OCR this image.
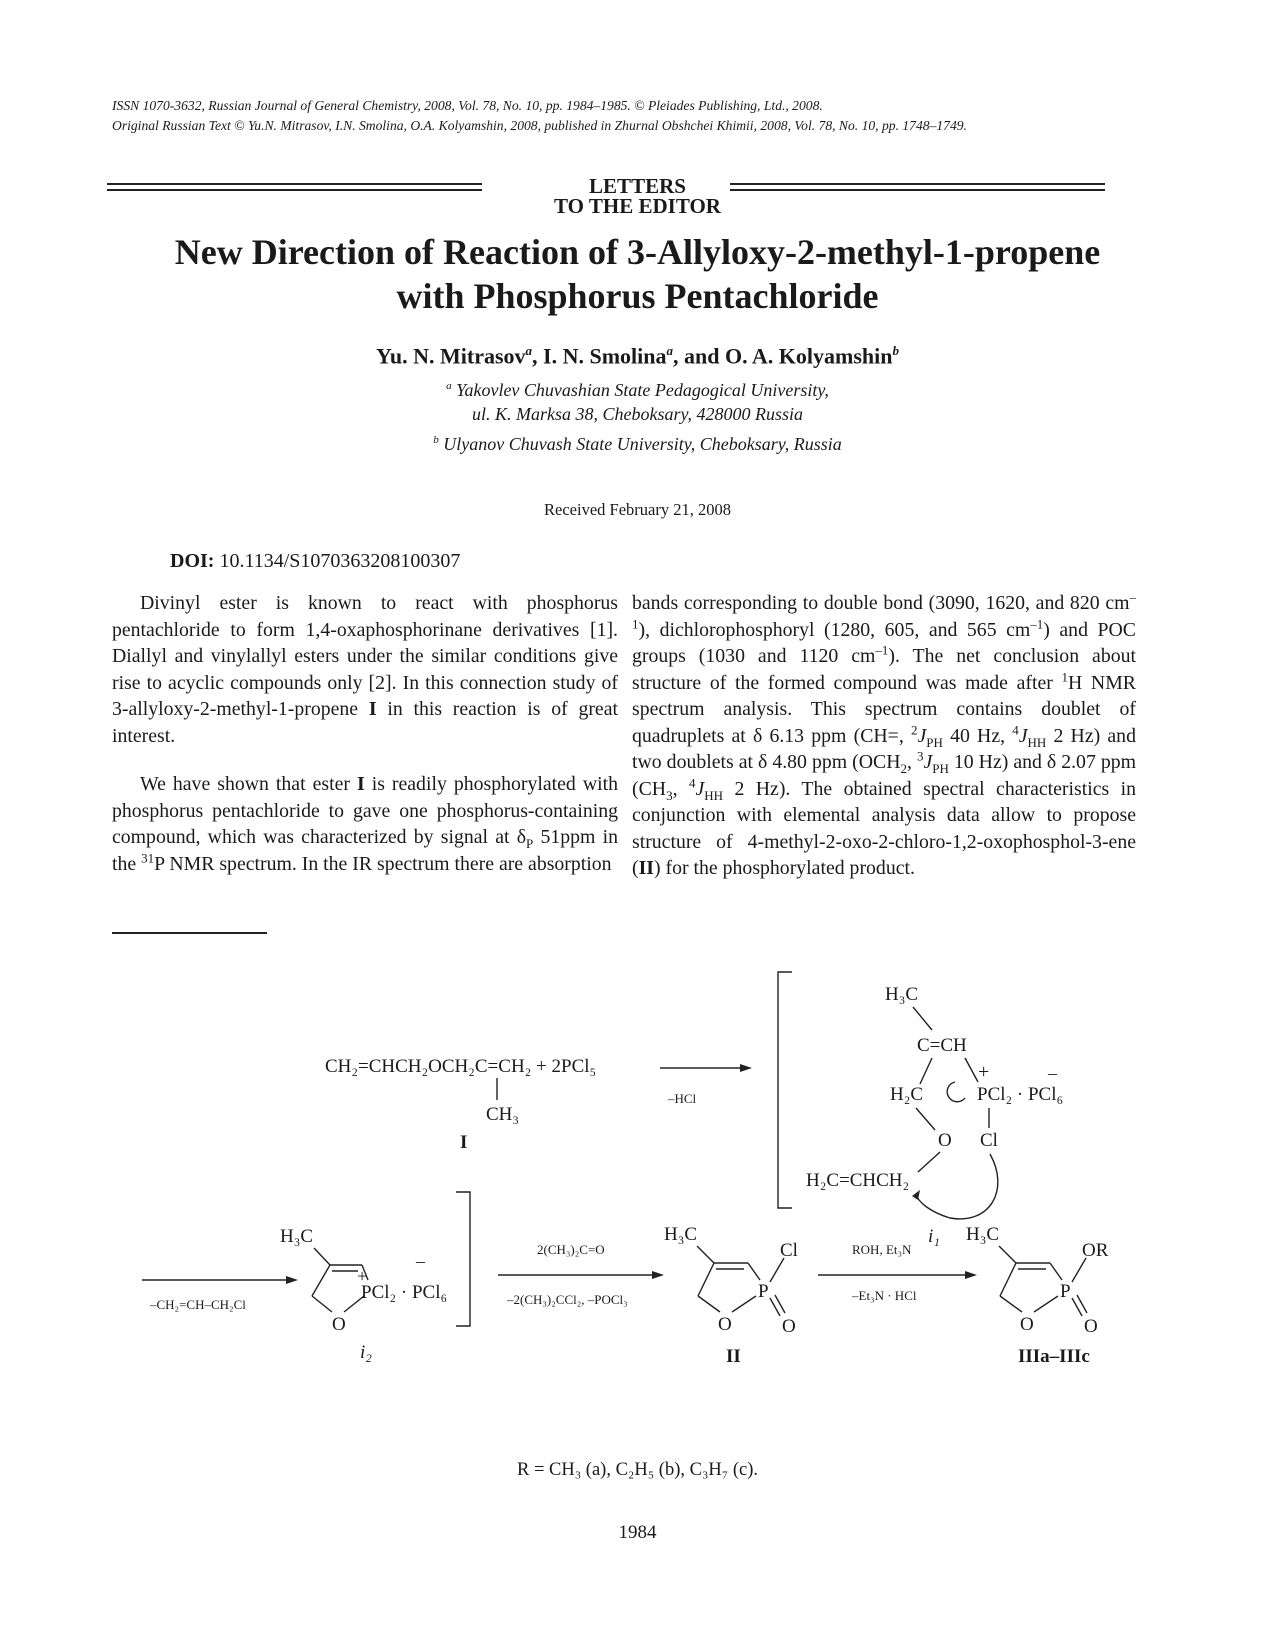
ISSN 1070-3632, Russian Journal of General Chemistry, 2008, Vol. 78, No. 10, pp. 1984–1985. © Pleiades Publishing, Ltd., 2008.
Original Russian Text © Yu.N. Mitrasov, I.N. Smolina, O.A. Kolyamshin, 2008, published in Zhurnal Obshchei Khimii, 2008, Vol. 78, No. 10, pp. 1748–1749.
LETTERS
TO THE EDITOR
New Direction of Reaction of 3-Allyloxy-2-methyl-1-propene
with Phosphorus Pentachloride
Yu. N. Mitrasov$^a$, I. N. Smolina$^a$, and O. A. Kolyamshin$^b$
$^a$ Yakovlev Chuvashian State Pedagogical University,
ul. K. Marksa 38, Cheboksary, 428000 Russia
$^b$ Ulyanov Chuvash State University, Cheboksary, Russia
Received February 21, 2008
DOI: 10.1134/S1070363208100307

Divinyl ester is known to react with phosphorus pentachloride to form 1,4-oxaphosphorinane derivatives [1]. Diallyl and vinylallyl esters under the similar conditions give rise to acyclic compounds only [2]. In this connection study of 3-allyloxy-2-methyl-1-propene I in this reaction is of great interest.

We have shown that ester I is readily phosphorylated with phosphorus pentachloride to gave one phosphorus-containing compound, which was characterized by signal at $\delta_P$ 51ppm in the $^{31}$P NMR spectrum. In the IR spectrum there are absorption

bands corresponding to double bond (3090, 1620, and 820 $cm^{-1}$), dichlorophosphoryl (1280, 605, and 565 $cm^{-1}$) and POC groups (1030 and 1120 $cm^{-1}$). The net conclusion about structure of the formed compound was made after $^1$H NMR spectrum analysis. This spectrum contains doublet of quadruplets at δ 6.13 ppm (CH=, $^2J_{PH}$ 40 Hz, $^4J_{HH}$ 2 Hz) and two doublets at δ 4.80 ppm ($OCH_2$, $^3J_{PH}$ 10 Hz) and δ 2.07 ppm ($CH_3$, $^4J_{HH}$ 2 Hz). The obtained spectral characteristics in conjunction with elemental analysis data allow to propose structure of 4-methyl-2-oxo-2-chloro-1,2-oxophosphol-3-ene (II) for the phosphorylated product.

CH₂=CHCH₂OCH₂C=CH₂ + 2PCl₅
CH₃
I
–HCl
H₃C
C=CH
+
H₂C	PCl₂ · PCl₆
–
O Cl
H₂C=CHCH₂
i₁
–CH₂=CH–CH₂Cl
H₃C
+
–
PCl₂ · PCl₆
O
i₂
2(CH₃)₂C=O
–2(CH₃)₂CCl₂, –POCl₃
H₃C
Cl
P
O	O
II
ROH, Et₃N
–Et₃N · HCl
H₃C
OR
P
O	O
IIIa–IIIc
R = CH₃ (a), C₂H₅ (b), C₃H₇ (c).
1984
